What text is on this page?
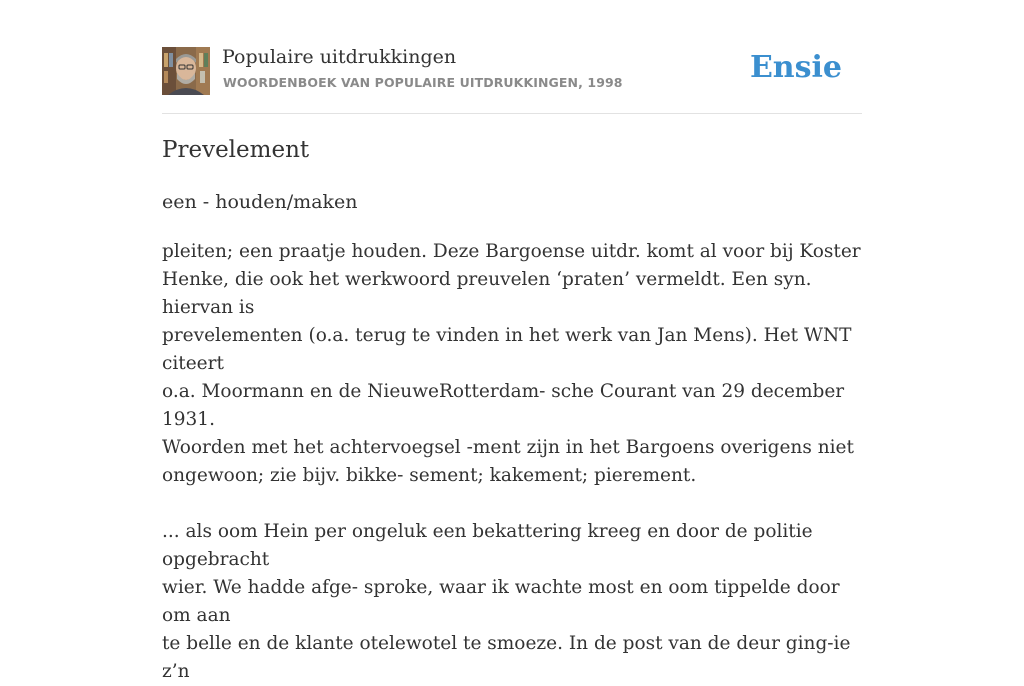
Populaire uitdrukkingen
WOORDENBOEK VAN POPULAIRE UITDRUKKINGEN, 1998	Ensie
Prevelement
een - houden/maken

pleiten; een praatje houden. Deze Bargoense uitdr. komt al voor bij Koster
Henke, die ook het werkwoord preuvelen ‘praten’ vermeldt. Een syn. hiervan is
prevelementen (o.a. terug te vinden in het werk van Jan Mens). Het WNT citeert
o.a. Moormann en de NieuweRotterdam- sche Courant van 29 december 1931.
Woorden met het achtervoegsel -ment zijn in het Bargoens overigens niet
ongewoon; zie bijv. bikke- sement; kakement; pierement.

... als oom Hein per ongeluk een bekattering kreeg en door de politie opgebracht
wier. We hadde afge- sproke, waar ik wachte most en oom tippelde door om aan
te belle en de klante otelewotel te smoeze. In de post van de deur ging-ie z’n
